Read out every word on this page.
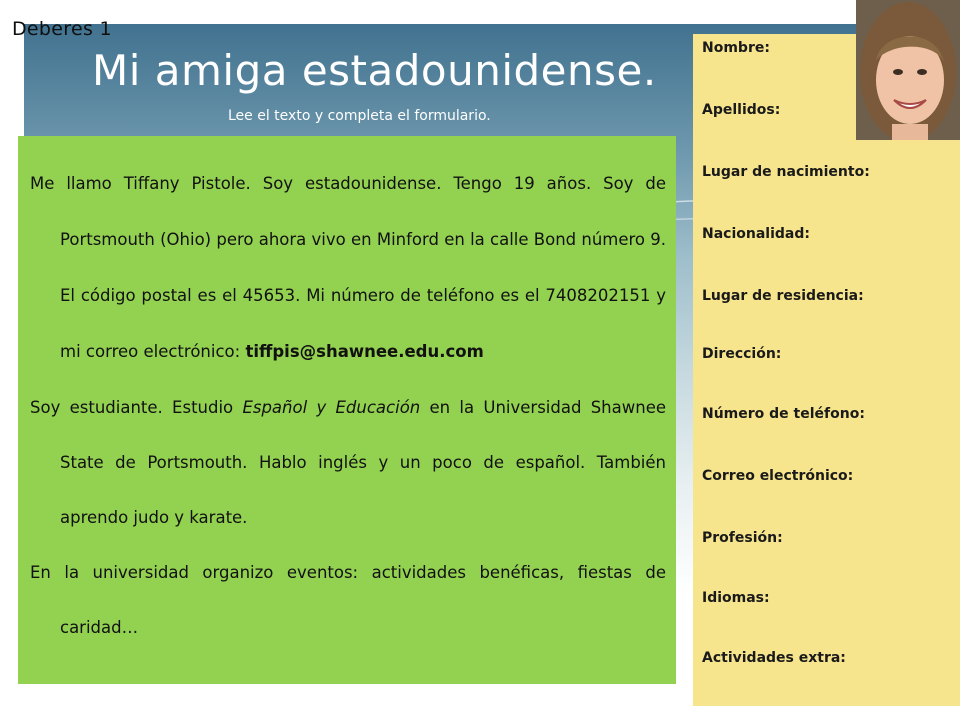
Deberes 1
Mi amiga estadounidense.
Lee el texto y completa el formulario.

Me llamo Tiffany Pistole. Soy estadounidense. Tengo 19 años. Soy de Portsmouth (Ohio) pero ahora vivo en Minford en la calle Bond número 9. El código postal es el 45653. Mi número de teléfono es el 7408202151 y mi correo electrónico: tiffpis@shawnee.edu.com

Soy estudiante. Estudio Español y Educación en la Universidad Shawnee State de Portsmouth. Hablo inglés y un poco de español. También aprendo judo y karate.

En la universidad organizo eventos: actividades benéficas, fiestas de caridad…

Nombre:
Apellidos:
Lugar de nacimiento:
Nacionalidad:
Lugar de residencia:
Dirección:
Número de teléfono:
Correo electrónico:
Profesión:
Idiomas:
Actividades extra:
